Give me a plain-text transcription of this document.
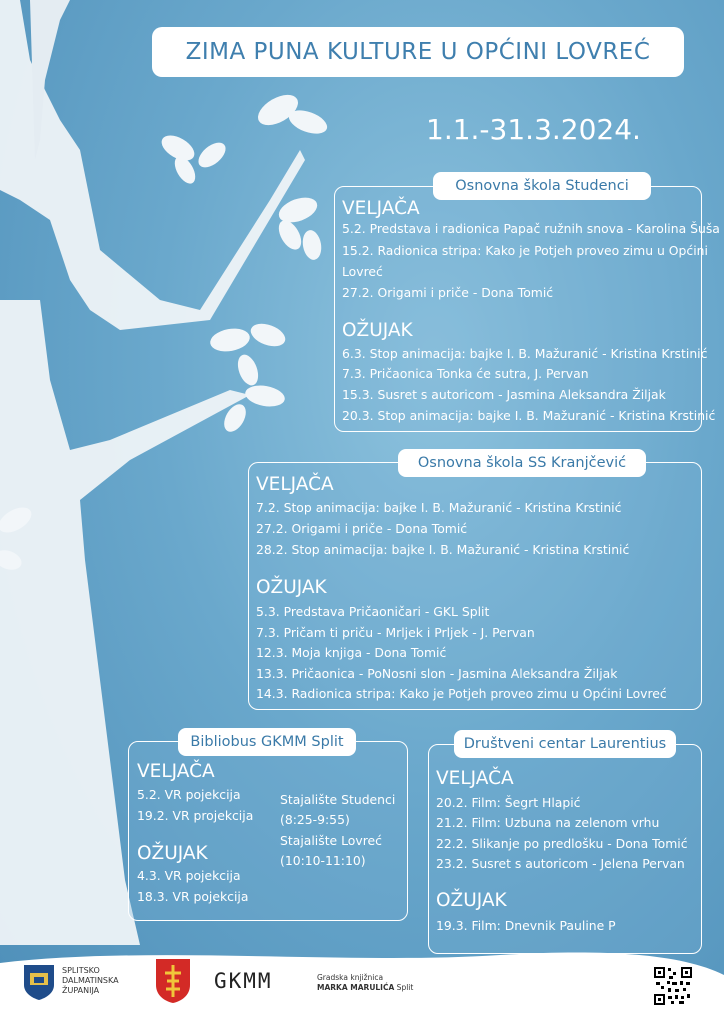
ZIMA PUNA KULTURE U OPĆINI LOVREĆ
1.1.-31.3.2024.
Osnovna škola Studenci
VELJAČA
5.2. Predstava i radionica Papač ružnih snova - Karolina Šuša
15.2. Radionica stripa: Kako je Potjeh proveo zimu u Općini
Lovreć
27.2. Origami i priče - Dona Tomić
OŽUJAK
6.3. Stop animacija: bajke I. B. Mažuranić - Kristina Krstinić
7.3. Pričaonica Tonka će sutra, J. Pervan
15.3. Susret s autoricom - Jasmina Aleksandra Žiljak
20.3. Stop animacija: bajke I. B. Mažuranić - Kristina Krstinić
Osnovna škola SS Kranjčević
VELJAČA
7.2. Stop animacija: bajke I. B. Mažuranić - Kristina Krstinić
27.2. Origami i priče - Dona Tomić
28.2. Stop animacija: bajke I. B. Mažuranić - Kristina Krstinić
OŽUJAK
5.3. Predstava Pričaoničari - GKL Split
7.3. Pričam ti priču - Mrljek i Prljek - J. Pervan
12.3. Moja knjiga - Dona Tomić
13.3. Pričaonica - PoNosni slon - Jasmina Aleksandra Žiljak
14.3. Radionica stripa: Kako je Potjeh proveo zimu u Općini Lovreć
Bibliobus GKMM Split
VELJAČA
5.2. VR pojekcija
19.2. VR projekcija
OŽUJAK
4.3. VR pojekcija
18.3. VR pojekcija
Stajalište Studenci
(8:25-9:55)
Stajalište Lovreć
(10:10-11:10)
Društveni centar Laurentius
VELJAČA
20.2. Film: Šegrt Hlapić
21.2. Film: Uzbuna na zelenom vrhu
22.2. Slikanje po predlošku - Dona Tomić
23.2. Susret s autoricom - Jelena Pervan
OŽUJAK
19.3. Film: Dnevnik Pauline P
SPLITSKO
DALMATINSKA
ŽUPANIJA	GKMM	Gradska knjižnica
MARKA MARULIĆA Split
